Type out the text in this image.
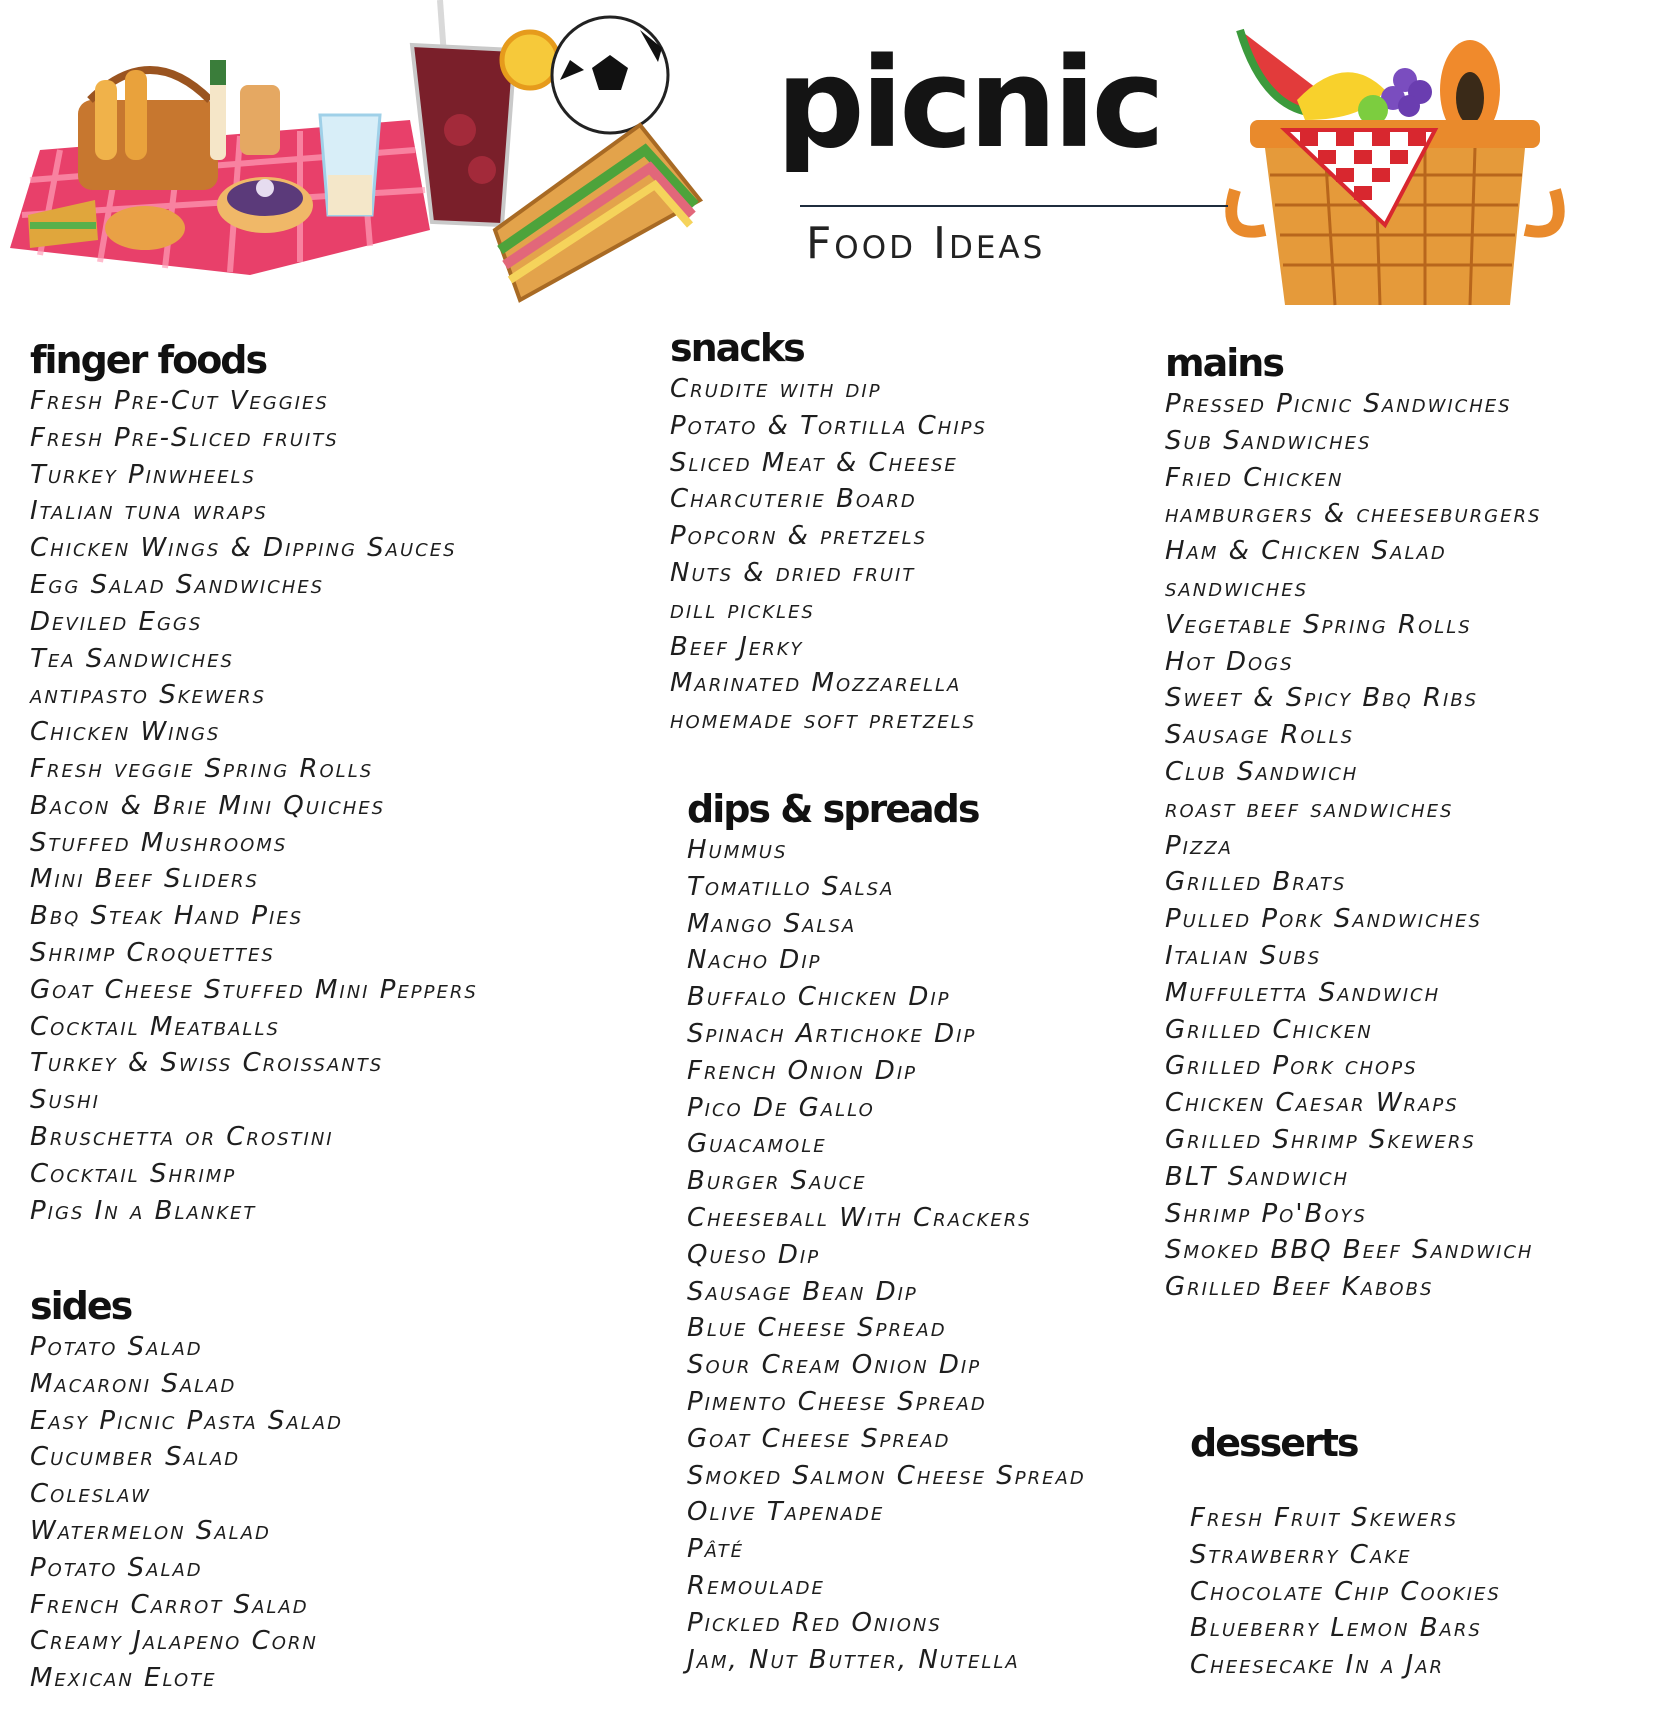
picnic
Food Ideas
finger foods
Fresh Pre-Cut Veggies
Fresh Pre-Sliced fruits
Turkey Pinwheels
Italian tuna wraps
Chicken Wings & Dipping Sauces
Egg Salad Sandwiches
Deviled Eggs
Tea Sandwiches
antipasto Skewers
Chicken Wings
Fresh veggie Spring Rolls
Bacon & Brie Mini Quiches
Stuffed Mushrooms
Mini Beef Sliders
Bbq Steak Hand Pies
Shrimp Croquettes
Goat Cheese Stuffed Mini Peppers
Cocktail Meatballs
Turkey & Swiss Croissants
Sushi
Bruschetta or Crostini
Cocktail Shrimp
Pigs In a Blanket
sides
Potato Salad
Macaroni Salad
Easy Picnic Pasta Salad
Cucumber Salad
Coleslaw
Watermelon Salad
Potato Salad
French Carrot Salad
Creamy Jalapeno Corn
Mexican Elote
snacks
Crudite with dip
Potato & Tortilla Chips
Sliced Meat & Cheese
Charcuterie Board
Popcorn & pretzels
Nuts & dried fruit
dill pickles
Beef Jerky
Marinated Mozzarella
homemade soft pretzels
dips & spreads
Hummus
Tomatillo Salsa
Mango Salsa
Nacho Dip
Buffalo Chicken Dip
Spinach Artichoke Dip
French Onion Dip
Pico De Gallo
Guacamole
Burger Sauce
Cheeseball With Crackers
Queso Dip
Sausage Bean Dip
Blue Cheese Spread
Sour Cream Onion Dip
Pimento Cheese Spread
Goat Cheese Spread
Smoked Salmon Cheese Spread
Olive Tapenade
Pâté
Remoulade
Pickled Red Onions
Jam, Nut Butter, Nutella
mains
Pressed Picnic Sandwiches
Sub Sandwiches
Fried Chicken
hamburgers & cheeseburgers
Ham & Chicken Salad
sandwiches
Vegetable Spring Rolls
Hot Dogs
Sweet & Spicy Bbq Ribs
Sausage Rolls
Club Sandwich
roast beef sandwiches
Pizza
Grilled Brats
Pulled Pork Sandwiches
Italian Subs
Muffuletta Sandwich
Grilled Chicken
Grilled Pork chops
Chicken Caesar Wraps
Grilled Shrimp Skewers
BLT Sandwich
Shrimp Po'Boys
Smoked BBQ Beef Sandwich
Grilled Beef Kabobs
desserts
Fresh Fruit Skewers
Strawberry Cake
Chocolate Chip Cookies
Blueberry Lemon Bars
Cheesecake In a Jar
